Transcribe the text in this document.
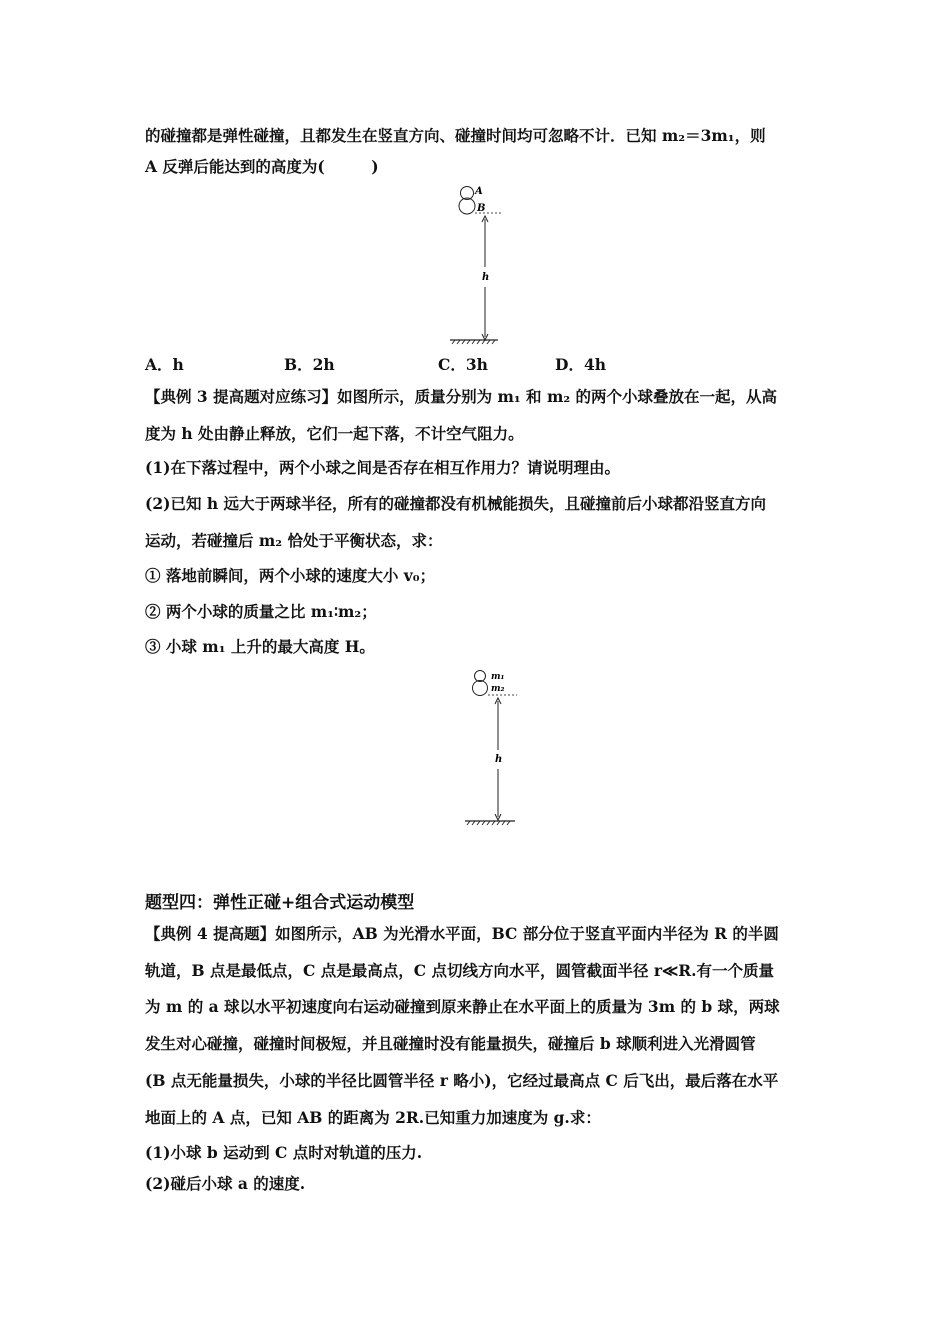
的碰撞都是弹性碰撞，且都发生在竖直方向、碰撞时间均可忽略不计．已知 m₂＝3m₁，则
A 反弹后能达到的高度为(　　　)
A
B
h
A．h	B．2h	C．3h	D．4h
【典例 3 提高题对应练习】如图所示，质量分别为 m₁ 和 m₂ 的两个小球叠放在一起，从高
度为 h 处由静止释放，它们一起下落，不计空气阻力。
(1)在下落过程中，两个小球之间是否存在相互作用力？请说明理由。
(2)已知 h 远大于两球半径，所有的碰撞都没有机械能损失，且碰撞前后小球都沿竖直方向
运动，若碰撞后 m₂ 恰处于平衡状态，求：
① 落地前瞬间，两个小球的速度大小 v₀；
② 两个小球的质量之比 m₁∶m₂；
③ 小球 m₁ 上升的最大高度 H。
m₁
m₂
h
题型四：弹性正碰+组合式运动模型
【典例 4 提高题】如图所示，AB 为光滑水平面，BC 部分位于竖直平面内半径为 R 的半圆
轨道，B 点是最低点，C 点是最高点，C 点切线方向水平，圆管截面半径 r≪R.有一个质量
为 m 的 a 球以水平初速度向右运动碰撞到原来静止在水平面上的质量为 3m 的 b 球，两球
发生对心碰撞，碰撞时间极短，并且碰撞时没有能量损失，碰撞后 b 球顺利进入光滑圆管
(B 点无能量损失，小球的半径比圆管半径 r 略小)，它经过最高点 C 后飞出，最后落在水平
地面上的 A 点，已知 AB 的距离为 2R.已知重力加速度为 g.求：
(1)小球 b 运动到 C 点时对轨道的压力.
(2)碰后小球 a 的速度.
